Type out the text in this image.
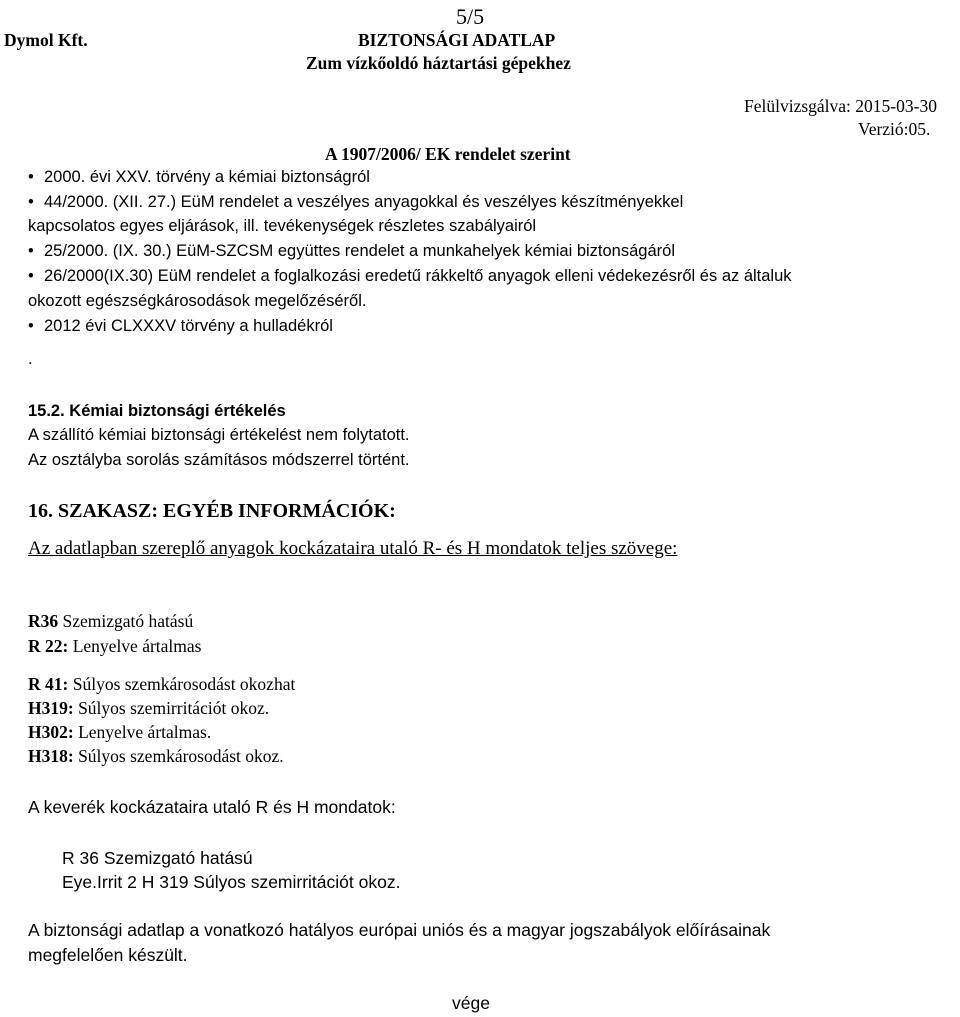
5/5
Dymol Kft.	BIZTONSÁGI ADATLAP
Zum vízkőoldó háztartási gépekhez
Felülvizsgálva: 2015-03-30
Verzió:05.
A 1907/2006/ EK rendelet szerint
• 2000. évi XXV. törvény a kémiai biztonságról
• 44/2000. (XII. 27.) EüM rendelet a veszélyes anyagokkal és veszélyes készítményekkel
kapcsolatos egyes eljárások, ill. tevékenységek részletes szabályairól
• 25/2000. (IX. 30.) EüM-SZCSM együttes rendelet a munkahelyek kémiai biztonságáról
• 26/2000(IX.30) EüM rendelet a foglalkozási eredetű rákkeltő anyagok elleni védekezésről és az általuk
okozott egészségkárosodások megelőzéséről.
• 2012 évi CLXXXV törvény a hulladékról
.
15.2. Kémiai biztonsági értékelés
A szállító kémiai biztonsági értékelést nem folytatott.
Az osztályba sorolás számításos módszerrel történt.
16. SZAKASZ: EGYÉB INFORMÁCIÓK:
Az adatlapban szereplő anyagok kockázataira utaló R- és H mondatok teljes szövege:
R36 Szemizgató hatású
R 22: Lenyelve ártalmas
R 41: Súlyos szemkárosodást okozhat
H319: Súlyos szemirritációt okoz.
H302: Lenyelve ártalmas.
H318: Súlyos szemkárosodást okoz.
A keverék kockázataira utaló R és H mondatok:
R 36 Szemizgató hatású
Eye.Irrit 2 H 319 Súlyos szemirritációt okoz.
A biztonsági adatlap a vonatkozó hatályos európai uniós és a magyar jogszabályok előírásainak
megfelelően készült.
vége
